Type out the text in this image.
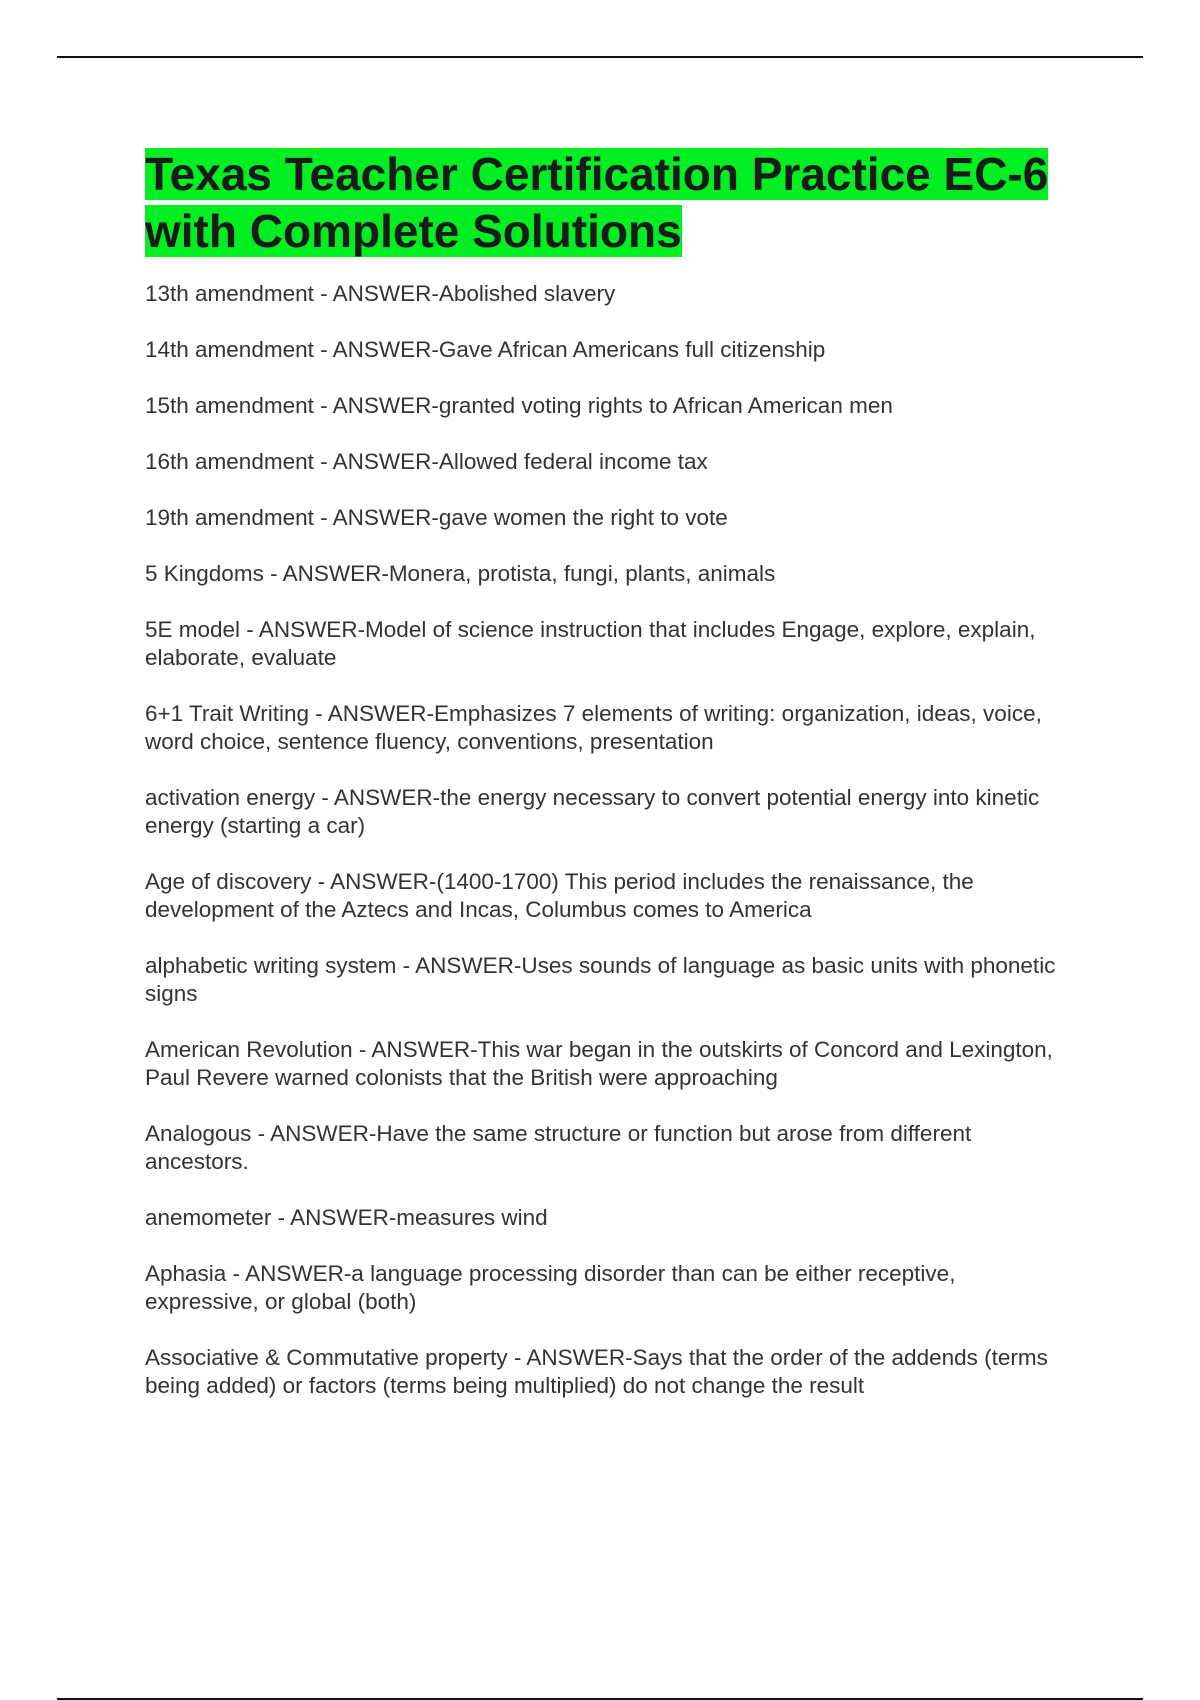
Texas Teacher Certification Practice EC-6 with Complete Solutions
13th amendment - ANSWER-Abolished slavery
14th amendment - ANSWER-Gave African Americans full citizenship
15th amendment - ANSWER-granted voting rights to African American men
16th amendment - ANSWER-Allowed federal income tax
19th amendment - ANSWER-gave women the right to vote
5 Kingdoms - ANSWER-Monera, protista, fungi, plants, animals
5E model - ANSWER-Model of science instruction that includes Engage, explore, explain, elaborate, evaluate
6+1 Trait Writing - ANSWER-Emphasizes 7 elements of writing: organization, ideas, voice, word choice, sentence fluency, conventions, presentation
activation energy - ANSWER-the energy necessary to convert potential energy into kinetic energy (starting a car)
Age of discovery - ANSWER-(1400-1700) This period includes the renaissance, the development of the Aztecs and Incas, Columbus comes to America
alphabetic writing system - ANSWER-Uses sounds of language as basic units with phonetic signs
American Revolution - ANSWER-This war began in the outskirts of Concord and Lexington, Paul Revere warned colonists that the British were approaching
Analogous - ANSWER-Have the same structure or function but arose from different ancestors.
anemometer - ANSWER-measures wind
Aphasia - ANSWER-a language processing disorder than can be either receptive, expressive, or global (both)
Associative & Commutative property - ANSWER-Says that the order of the addends (terms being added) or factors (terms being multiplied) do not change the result
